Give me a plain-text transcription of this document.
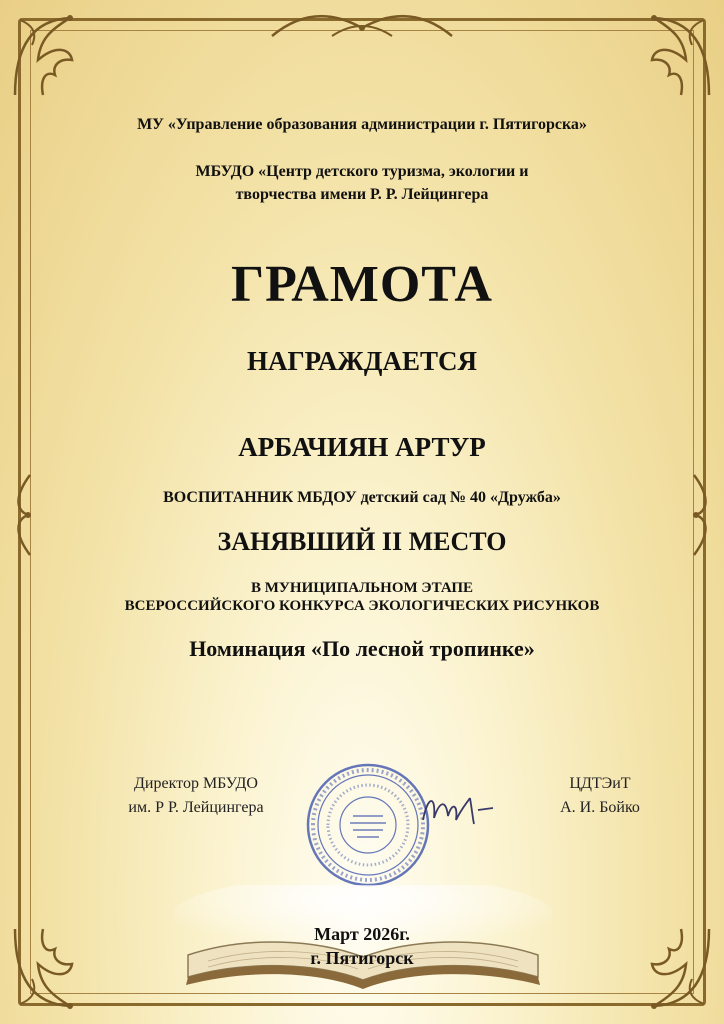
МУ «Управление образования администрации г. Пятигорска»
МБУДО «Центр детского туризма, экологии и
творчества имени Р. Р. Лейцингера
ГРАМОТА
НАГРАЖДАЕТСЯ
АРБАЧИЯН АРТУР
ВОСПИТАННИК МБДОУ детский сад № 40 «Дружба»
ЗАНЯВШИЙ II МЕСТО
В МУНИЦИПАЛЬНОМ ЭТАПЕ
ВСЕРОССИЙСКОГО КОНКУРСА ЭКОЛОГИЧЕСКИХ РИСУНКОВ
Номинация «По лесной тропинке»
Директор МБУДО
им. Р Р. Лейцингера
ЦДТЭиТ
А. И. Бойко
Март 2026г.
г. Пятигорск
